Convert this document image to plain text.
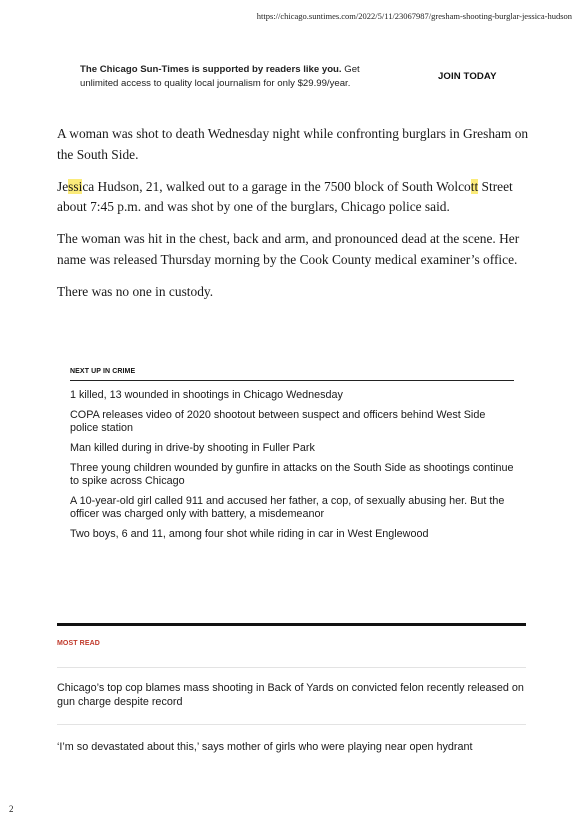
https://chicago.suntimes.com/2022/5/11/23067987/gresham-shooting-burglar-jessica-hudson
The Chicago Sun-Times is supported by readers like you. Get unlimited access to quality local journalism for only $29.99/year.
JOIN TODAY

A woman was shot to death Wednesday night while confronting burglars in Gresham on the South Side.

Jessica Hudson, 21, walked out to a garage in the 7500 block of South Wolcott Street about 7:45 p.m. and was shot by one of the burglars, Chicago police said.

The woman was hit in the chest, back and arm, and pronounced dead at the scene. Her name was released Thursday morning by the Cook County medical examiner’s office.

There was no one in custody.

NEXT UP IN CRIME
1 killed, 13 wounded in shootings in Chicago Wednesday
COPA releases video of 2020 shootout between suspect and officers behind West Side police station
Man killed during in drive-by shooting in Fuller Park
Three young children wounded by gunfire in attacks on the South Side as shootings continue to spike across Chicago
A 10-year-old girl called 911 and accused her father, a cop, of sexually abusing her. But the officer was charged only with battery, a misdemeanor
Two boys, 6 and 11, among four shot while riding in car in West Englewood
MOST READ
Chicago’s top cop blames mass shooting in Back of Yards on convicted felon recently released on gun charge despite record
‘I’m so devastated about this,’ says mother of girls who were playing near open hydrant
2
